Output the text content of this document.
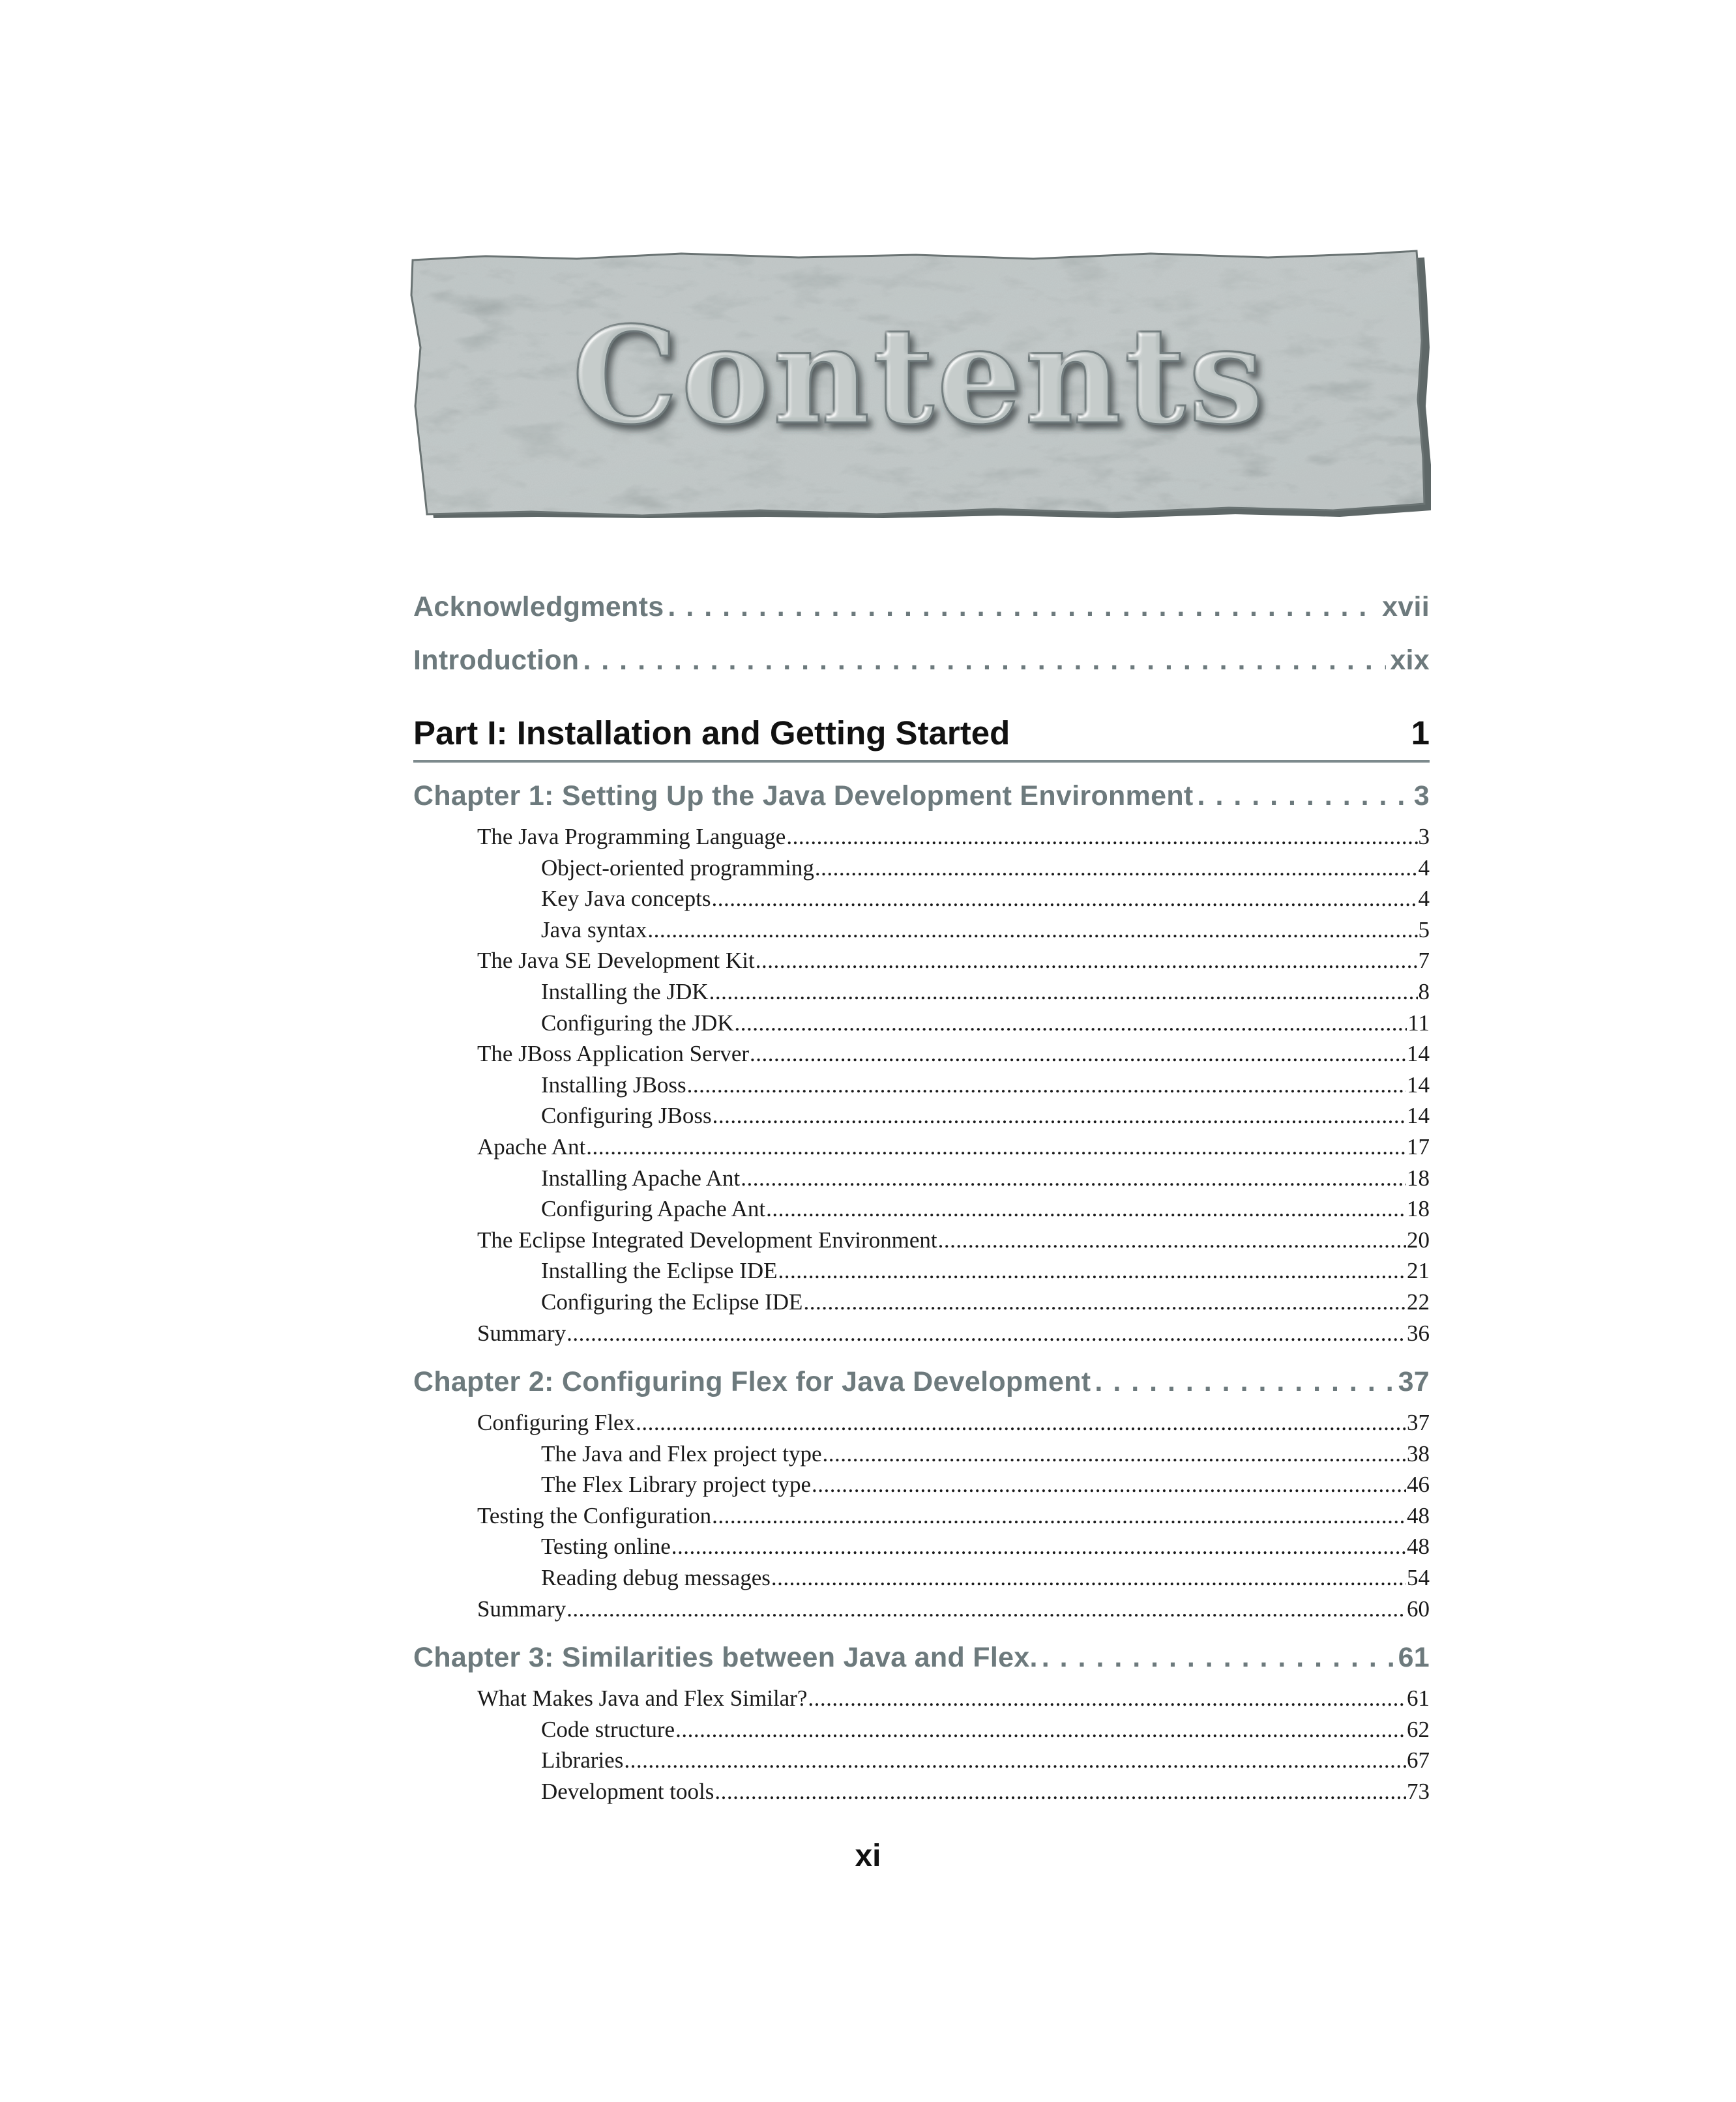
Contents
Acknowledgments . . .	xvii
Introduction . . .	xix
Part I: Installation and Getting Started	1
Chapter 1: Setting Up the Java Development Environment . . .	3
The Java Programming Language .....	3
Object-oriented programming .....	4
Key Java concepts .....	4
Java syntax .....	5
The Java SE Development Kit .....	7
Installing the JDK .....	8
Configuring the JDK .....	11
The JBoss Application Server .....	14
Installing JBoss .....	14
Configuring JBoss .....	14
Apache Ant .....	17
Installing Apache Ant .....	18
Configuring Apache Ant .....	18
The Eclipse Integrated Development Environment .....	20
Installing the Eclipse IDE .....	21
Configuring the Eclipse IDE .....	22
Summary .....	36
Chapter 2: Configuring Flex for Java Development . . .	37
Configuring Flex .....	37
The Java and Flex project type .....	38
The Flex Library project type .....	46
Testing the Configuration .....	48
Testing online .....	48
Reading debug messages .....	54
Summary .....	60
Chapter 3: Similarities between Java and Flex. . . .	61
What Makes Java and Flex Similar? .....	61
Code structure .....	62
Libraries .....	67
Development tools .....	73
xi
